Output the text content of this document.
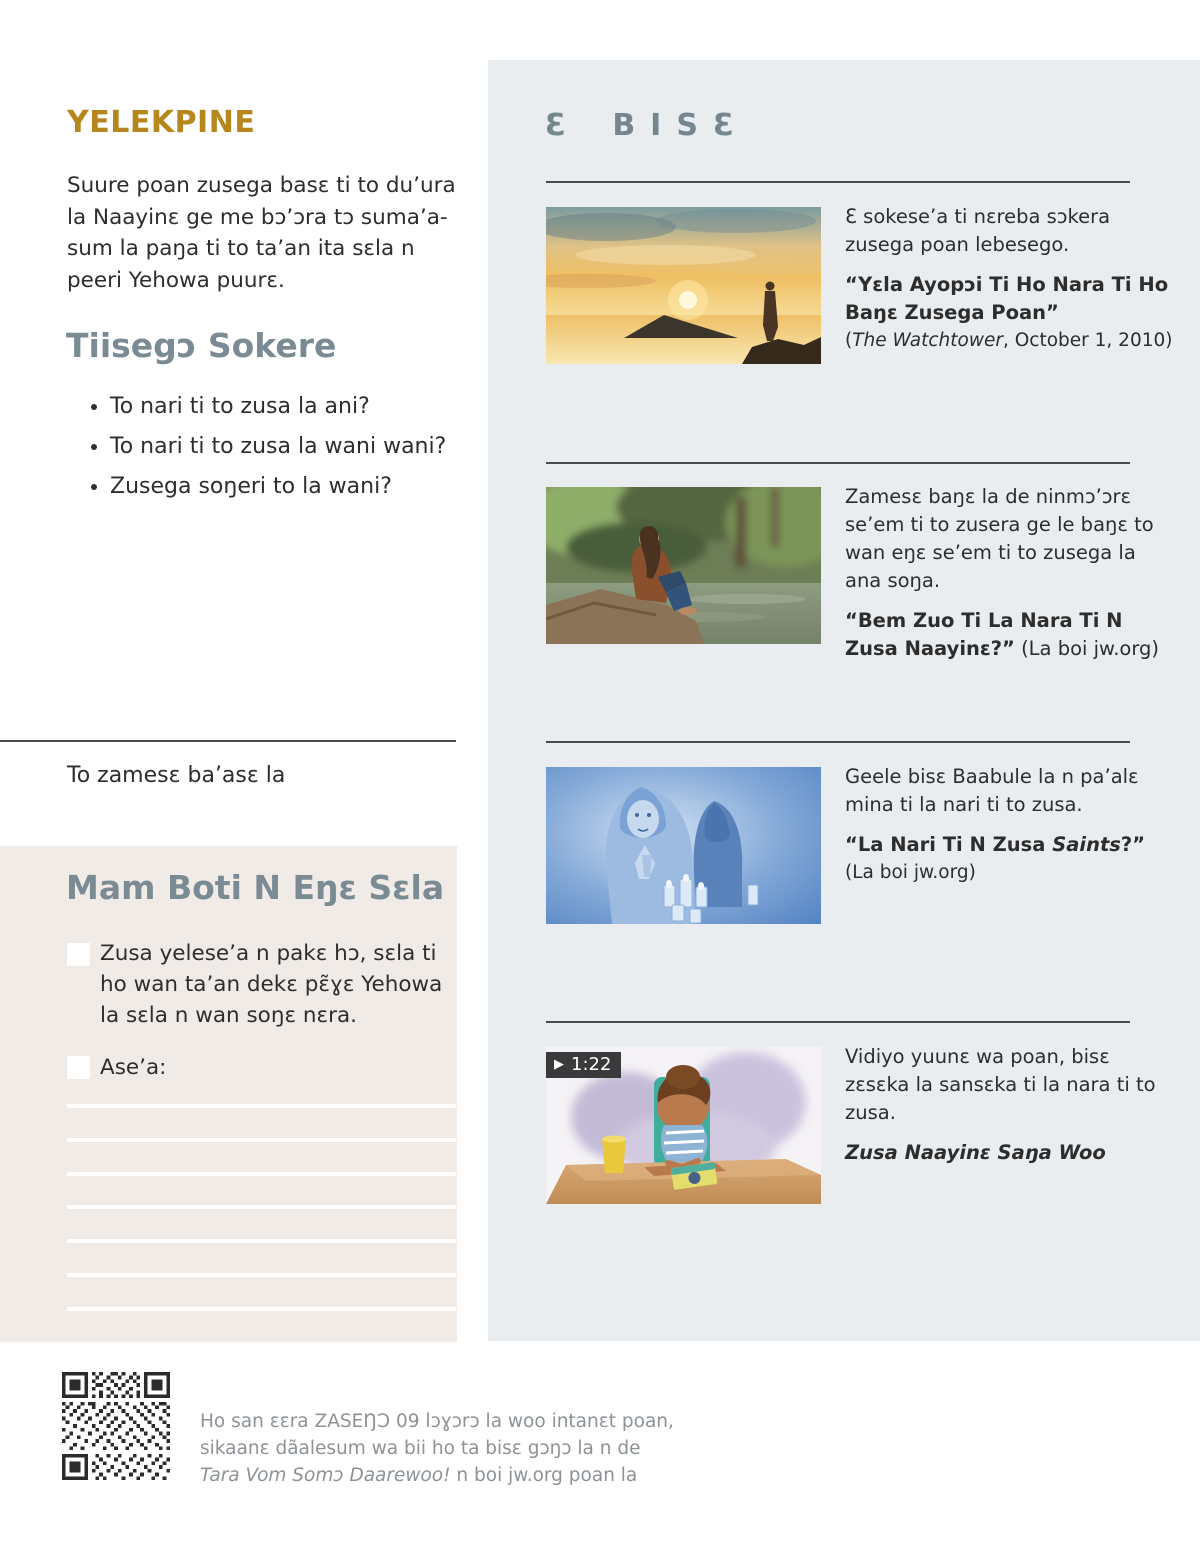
Ɛ BISƐ

Ɛ sokese’a ti nɛreba sɔkera zusega poan lebesego.

“Yɛla Ayopɔi Ti Ho Nara Ti Ho Baŋɛ Zusega Poan”

(The Watchtower, October 1, 2010)

Zamesɛ baŋɛ la de ninmɔ’ɔrɛ se’em ti to zusera ge le baŋɛ to wan eŋɛ se’em ti to zusega la ana soŋa.

“Bem Zuo Ti La Nara Ti N Zusa Naayinɛ?” (La boi jw.org)

Geele bisɛ Baabule la n pa’alɛ mina ti la nari ti to zusa.

“La Nari Ti N Zusa Saints?”

(La boi jw.org)

▶ 1:22	Vidiyo yuunɛ wa poan, bisɛ zɛsɛka la sansɛka ti la nara ti to zusa.

Zusa Naayinɛ Saŋa Woo

YELEKPINE
Suure poan zusega basɛ ti to du’ura la Naayinɛ ge me bɔ’ɔra tɔ suma’asum la paŋa ti to ta’an ita sɛla n peeri Yehowa puurɛ.
Tiisegɔ Sokere
• To nari ti to zusa la ani?
• To nari ti to zusa la wani wani?
• Zusega soŋeri to la wani?
To zamesɛ ba’asɛ la
Mam Boti N Eŋɛ Sɛla
Zusa yelese’a n pakɛ hɔ, sɛla ti ho wan ta’an dekɛ pɛ̃ɣɛ Yehowa la sɛla n wan soŋɛ nɛra.
Ase’a:
Ho san ɛɛra ZASEŊƆ 09 lɔɣɔrɔ la woo intanɛt poan,
sikaanɛ dãalesum wa bii ho ta bisɛ gɔŋɔ la n de
Tara Vom Somɔ Daarewoo! n boi jw.org poan la
